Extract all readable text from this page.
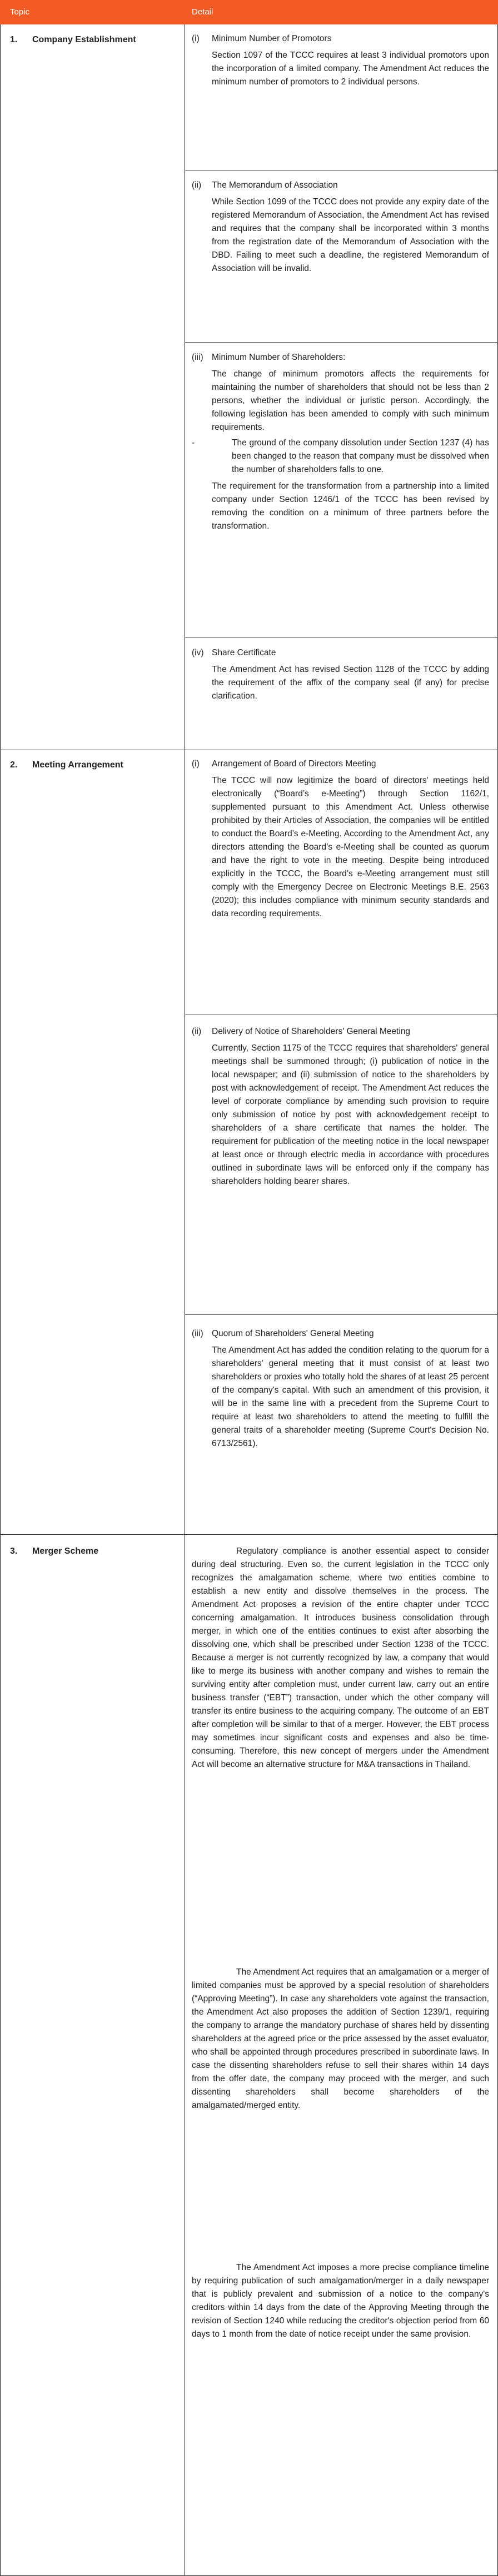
Topic	Detail
1. Company Establishment	(i)	Minimum Number of Promotors

Section 1097 of the TCCC requires at least 3 individual promotors upon the incorporation of a limited company. The Amendment Act reduces the minimum number of promotors to 2 individual persons.

(ii)	The Memorandum of Association

While Section 1099 of the TCCC does not provide any expiry date of the registered Memorandum of Association, the Amendment Act has revised and requires that the company shall be incorporated within 3 months from the registration date of the Memorandum of Association with the DBD. Failing to meet such a deadline, the registered Memorandum of Association will be invalid.

(iii) Minimum Number of Shareholders:

The change of minimum promotors affects the requirements for maintaining the number of shareholders that should not be less than 2 persons, whether the individual or juristic person. Accordingly, the following legislation has been amended to comply with such minimum requirements.

-	The ground of the company dissolution under Section 1237 (4) has been changed to the reason that company must be dissolved when the number of shareholders falls to one.

The requirement for the transformation from a partnership into a limited company under Section 1246/1 of the TCCC has been revised by removing the condition on a minimum of three partners before the transformation.

(iv) Share Certificate

The Amendment Act has revised Section 1128 of the TCCC by adding the requirement of the affix of the company seal (if any) for precise clarification.

2. Meeting Arrangement	(i)	Arrangement of Board of Directors Meeting

The TCCC will now legitimize the board of directors' meetings held electronically (“Board’s e-Meeting”) through Section 1162/1, supplemented pursuant to this Amendment Act. Unless otherwise prohibited by their Articles of Association, the companies will be entitled to conduct the Board’s e-Meeting. According to the Amendment Act, any directors attending the Board’s e-Meeting shall be counted as quorum and have the right to vote in the meeting. Despite being introduced explicitly in the TCCC, the Board’s e-Meeting arrangement must still comply with the Emergency Decree on Electronic Meetings B.E. 2563 (2020); this includes compliance with minimum security standards and data recording requirements.

(ii)	Delivery of Notice of Shareholders' General Meeting

Currently, Section 1175 of the TCCC requires that shareholders' general meetings shall be summoned through; (i) publication of notice in the local newspaper; and (ii) submission of notice to the shareholders by post with acknowledgement of receipt. The Amendment Act reduces the level of corporate compliance by amending such provision to require only submission of notice by post with acknowledgement receipt to shareholders of a share certificate that names the holder. The requirement for publication of the meeting notice in the local newspaper at least once or through electric media in accordance with procedures outlined in subordinate laws will be enforced only if the company has shareholders holding bearer shares.

(iii) Quorum of Shareholders' General Meeting

The Amendment Act has added the condition relating to the quorum for a shareholders' general meeting that it must consist of at least two shareholders or proxies who totally hold the shares of at least 25 percent of the company's capital. With such an amendment of this provision, it will be in the same line with a precedent from the Supreme Court to require at least two shareholders to attend the meeting to fulfill the general traits of a shareholder meeting (Supreme Court's Decision No. 6713/2561).

3. Merger Scheme	Regulatory compliance is another essential aspect to consider during deal structuring. Even so, the current legislation in the TCCC only recognizes the amalgamation scheme, where two entities combine to establish a new entity and dissolve themselves in the process. The Amendment Act proposes a revision of the entire chapter under TCCC concerning amalgamation. It introduces business consolidation through merger, in which one of the entities continues to exist after absorbing the dissolving one, which shall be prescribed under Section 1238 of the TCCC. Because a merger is not currently recognized by law, a company that would like to merge its business with another company and wishes to remain the surviving entity after completion must, under current law, carry out an entire business transfer (“EBT”) transaction, under which the other company will transfer its entire business to the acquiring company. The outcome of an EBT after completion will be similar to that of a merger. However, the EBT process may sometimes incur significant costs and expenses and also be time-consuming. Therefore, this new concept of mergers under the Amendment Act will become an alternative structure for M&A transactions in Thailand.

The Amendment Act requires that an amalgamation or a merger of limited companies must be approved by a special resolution of shareholders (“Approving Meeting”). In case any shareholders vote against the transaction, the Amendment Act also proposes the addition of Section 1239/1, requiring the company to arrange the mandatory purchase of shares held by dissenting shareholders at the agreed price or the price assessed by the asset evaluator, who shall be appointed through procedures prescribed in subordinate laws. In case the dissenting shareholders refuse to sell their shares within 14 days from the offer date, the company may proceed with the merger, and such dissenting shareholders shall become shareholders of the amalgamated/merged entity.

The Amendment Act imposes a more precise compliance timeline by requiring publication of such amalgamation/merger in a daily newspaper that is publicly prevalent and submission of a notice to the company's creditors within 14 days from the date of the Approving Meeting through the revision of Section 1240 while reducing the creditor's objection period from 60 days to 1 month from the date of notice receipt under the same provision.
